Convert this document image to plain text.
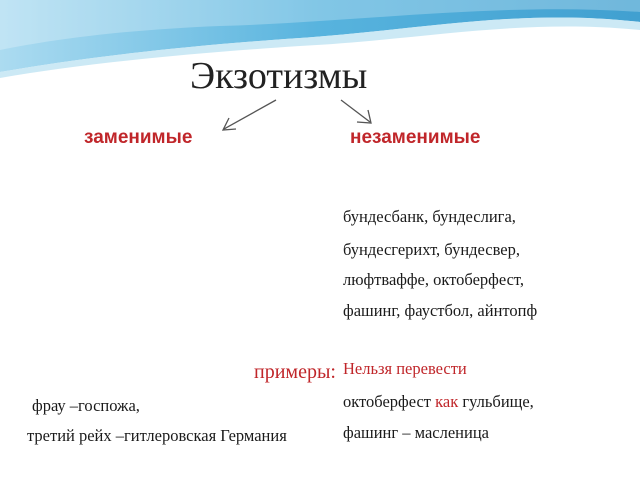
Экзотизмы
заменимые	незаменимые
бундесбанк, бундеслига,
бундесгерихт, бундесвер,
люфтваффе, октоберфест,
фашинг, фаустбол, айнтопф
примеры: Нельзя перевести
фрау –госпожа,
третий рейх –гитлеровская Германия
октоберфест как гульбище,
фашинг – масленица
